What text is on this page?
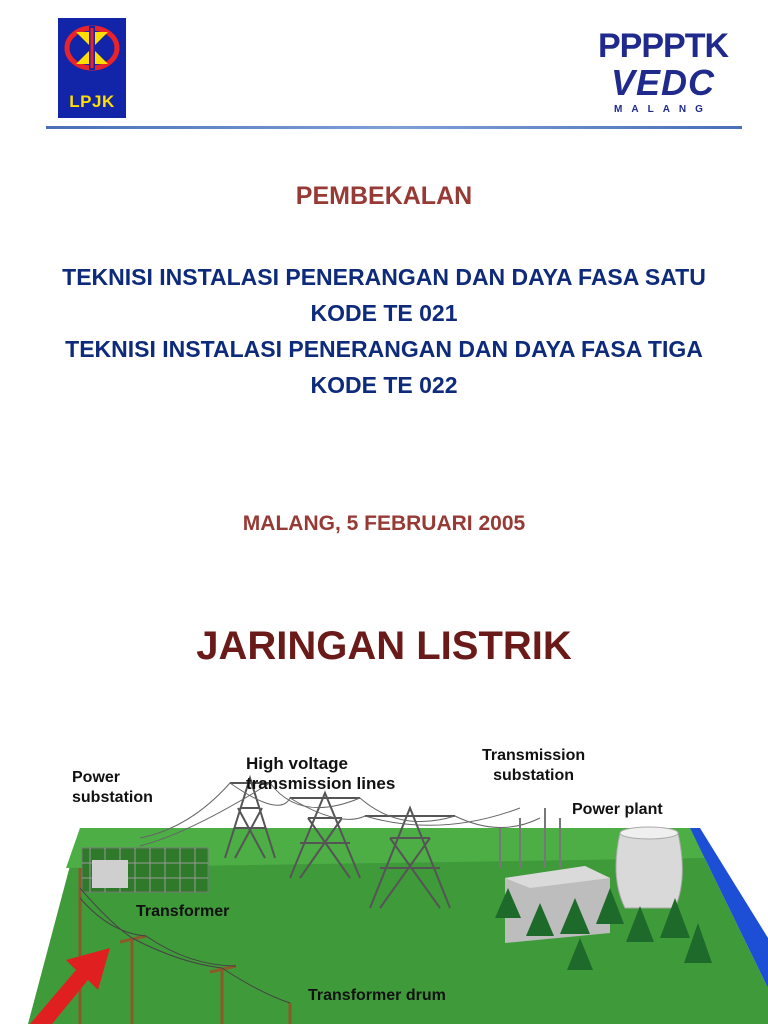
LPJK
PPPPTK
VEDC
MALANG
PEMBEKALAN
TEKNISI INSTALASI PENERANGAN DAN DAYA FASA SATU
KODE TE 021
TEKNISI INSTALASI PENERANGAN DAN DAYA FASA TIGA
KODE TE 022
MALANG, 5 FEBRUARI 2005
JARINGAN LISTRIK
Power
substation
High voltage
transmission lines
Transmission
substation
Power plant
Transformer
Transformer drum
